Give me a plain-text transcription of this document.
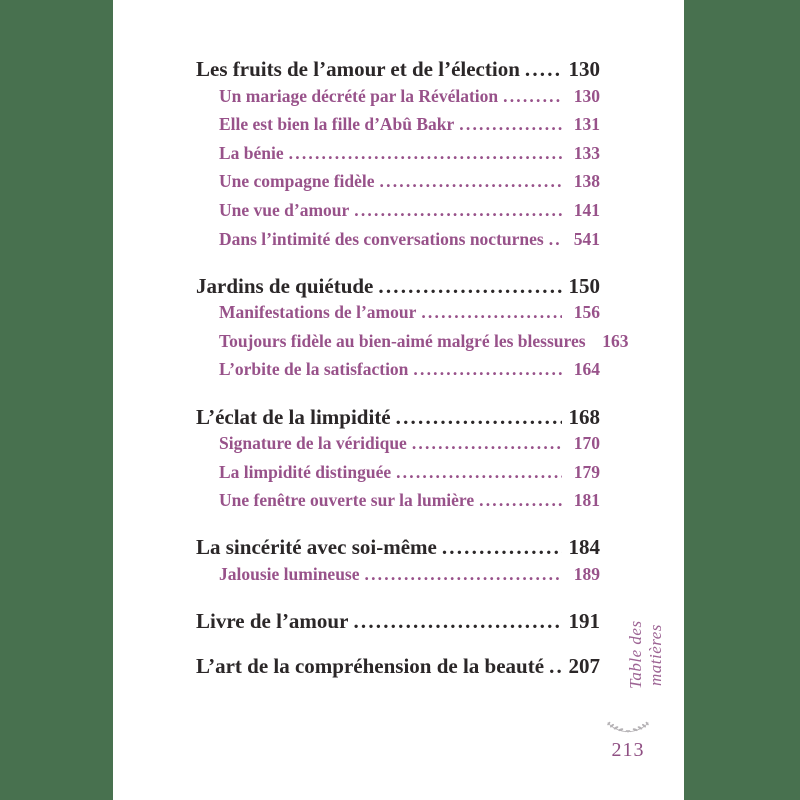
Les fruits de l’amour et de l’élection ..... 130
Un mariage décrété par la Révélation .....	130
Elle est bien la fille d’Abû Bakr .....	131
La bénie .....	133
Une compagne fidèle .....	138
Une vue d’amour .....	141
Dans l’intimité des conversations nocturnes .....	541
Jardins de quiétude .....	150
Manifestations de l’amour .....	156
Toujours fidèle au bien-aimé malgré les blessures 163
L’orbite de la satisfaction .....	164
L’éclat de la limpidité .....	168
Signature de la véridique .....	170
La limpidité distinguée .....	179
Une fenêtre ouverte sur la lumière .....	181
La sincérité avec soi-même .....	184
Jalousie lumineuse .....	189
Livre de l’amour .....	191
L’art de la compréhension de la beauté ..... 207 Table des matières
213
